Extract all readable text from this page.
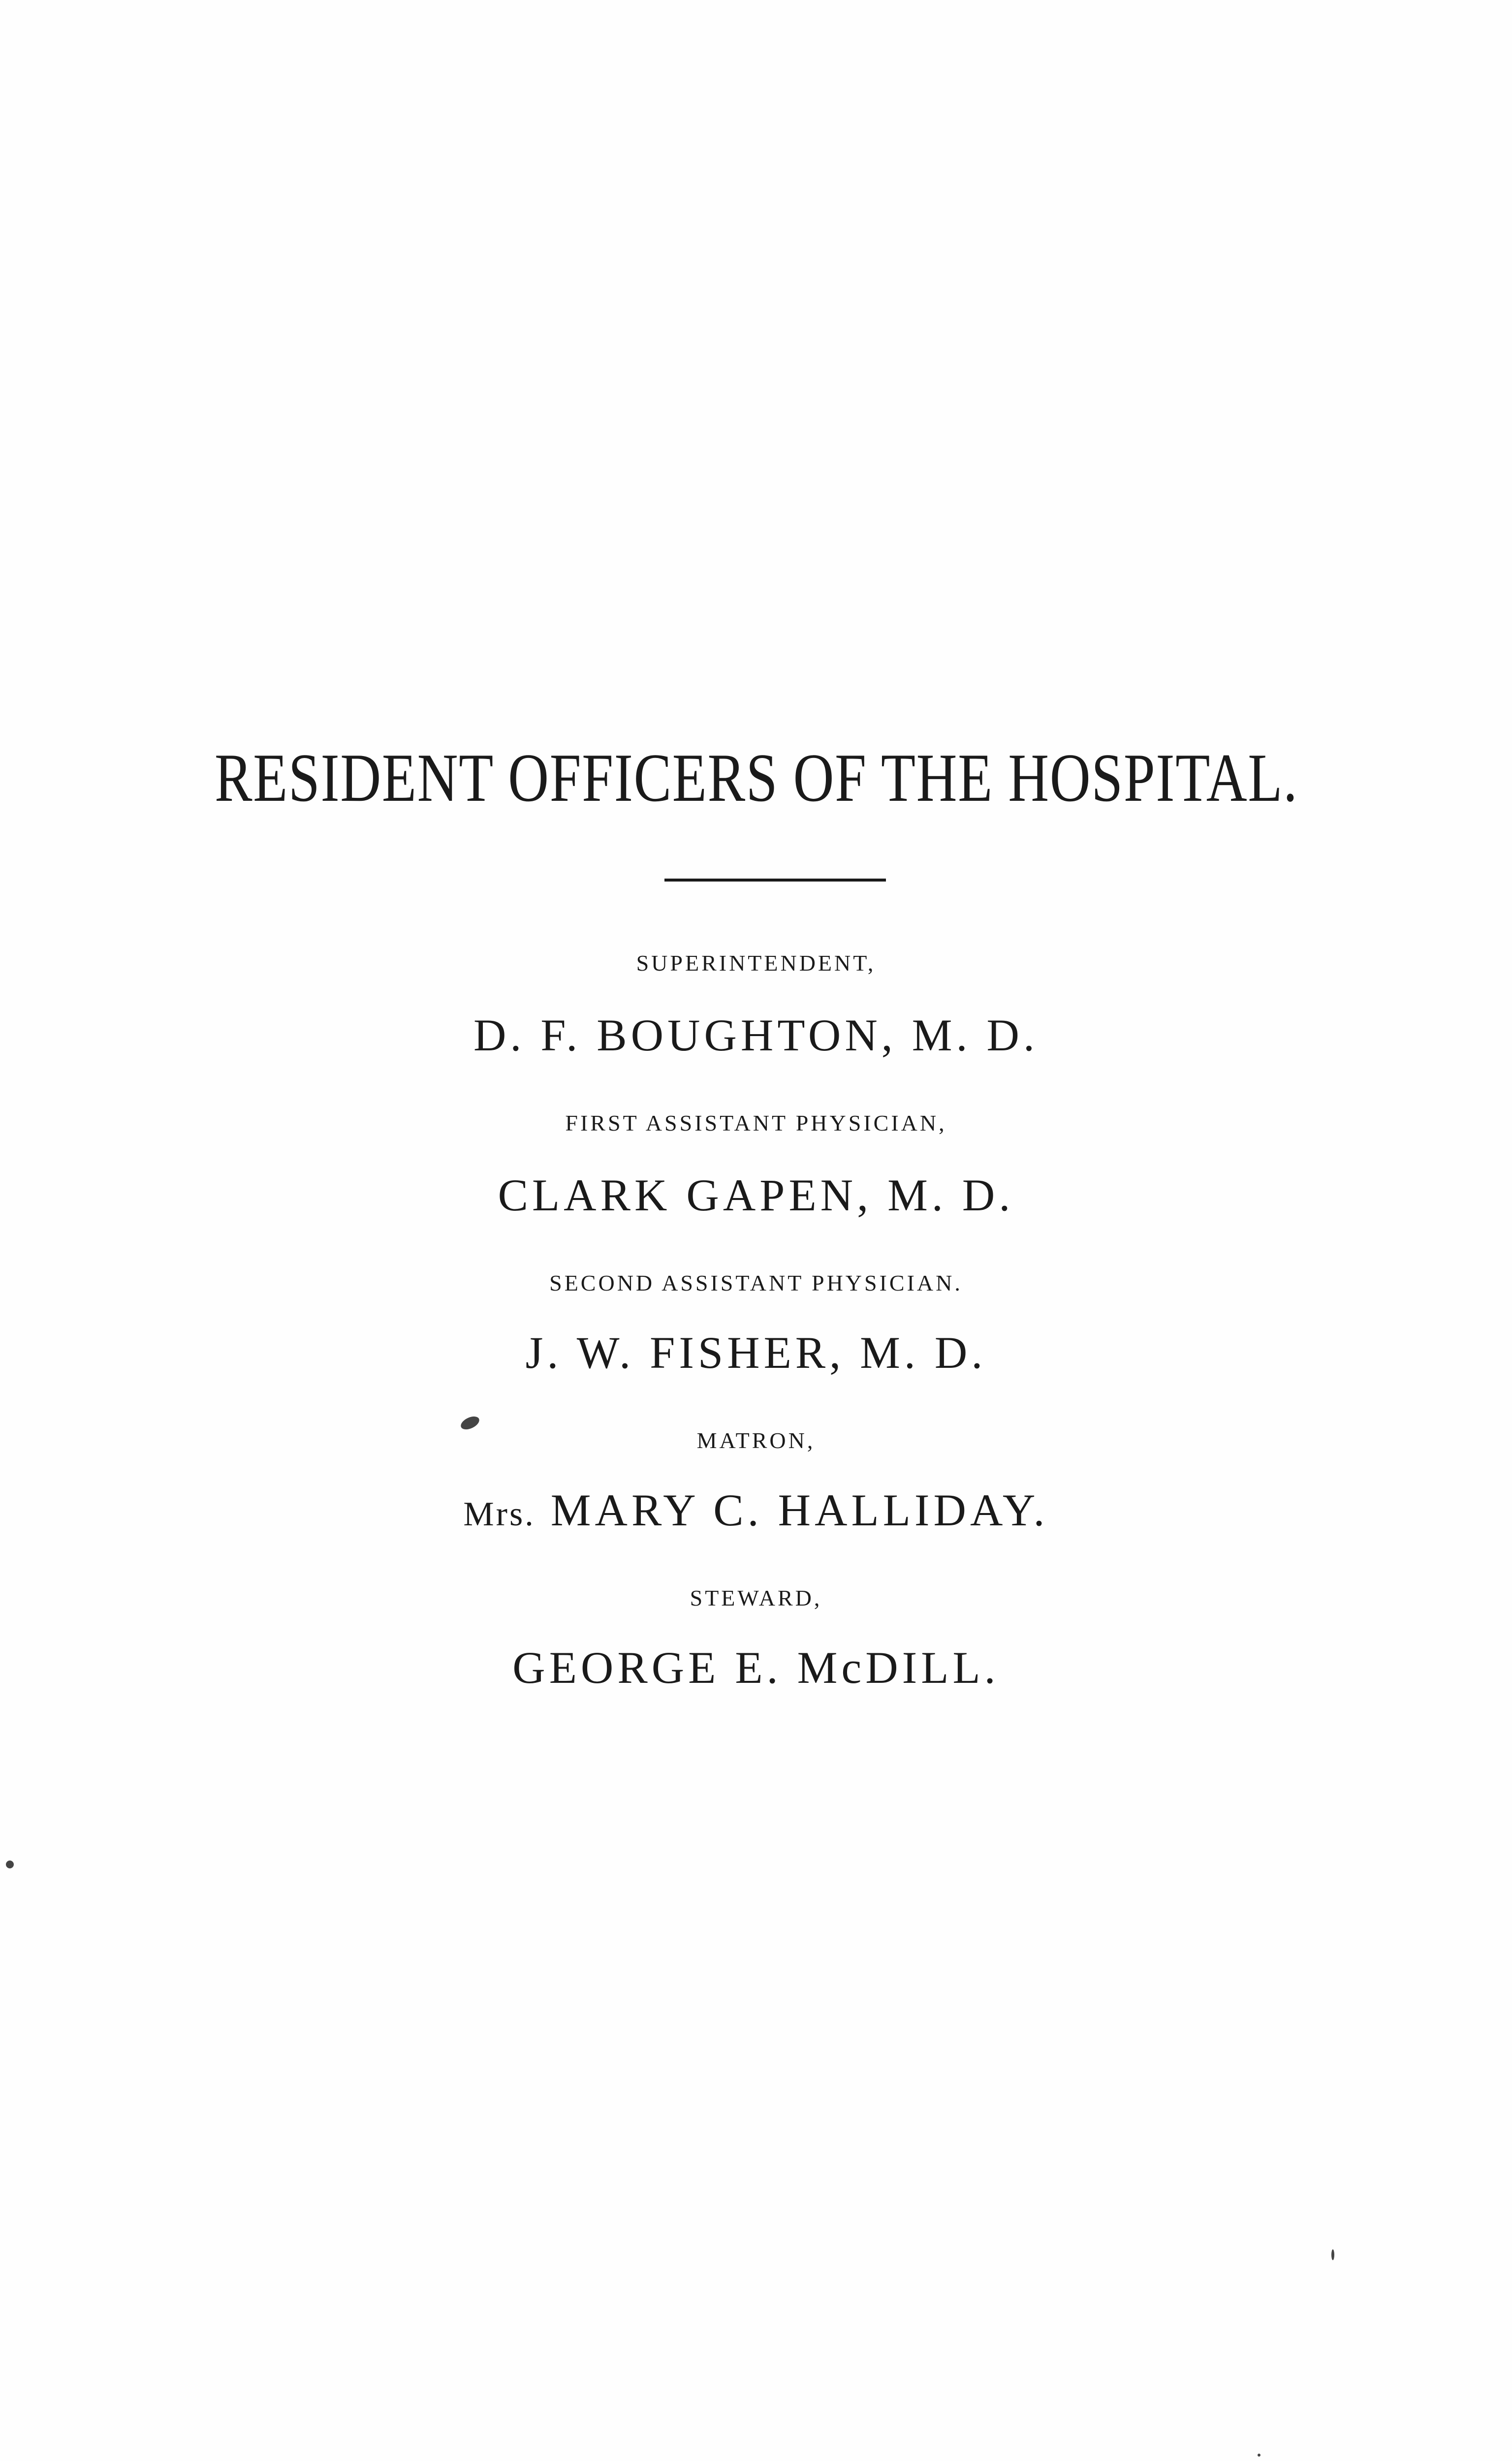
RESIDENT OFFICERS OF THE HOSPITAL.
SUPERINTENDENT,
D. F. BOUGHTON, M. D.
FIRST ASSISTANT PHYSICIAN,
CLARK GAPEN, M. D.
SECOND ASSISTANT PHYSICIAN.
J. W. FISHER, M. D.
MATRON,
Mrs. MARY C. HALLIDAY.
STEWARD,
GEORGE E. McDILL.
